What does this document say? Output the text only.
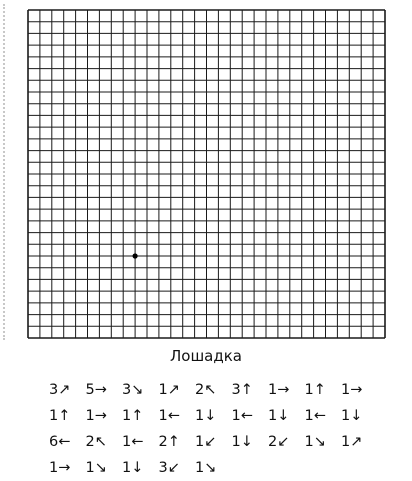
Лошадка
3↗	5→	3↘	1↗	2↖	3↑	1→	1↑	1→
1↑	1→	1↑	1←	1↓	1←	1↓	1←	1↓
6←	2↖	1←	2↑	1↙	1↓	2↙	1↘	1↗
1→	1↘	1↓	3↙	1↘
